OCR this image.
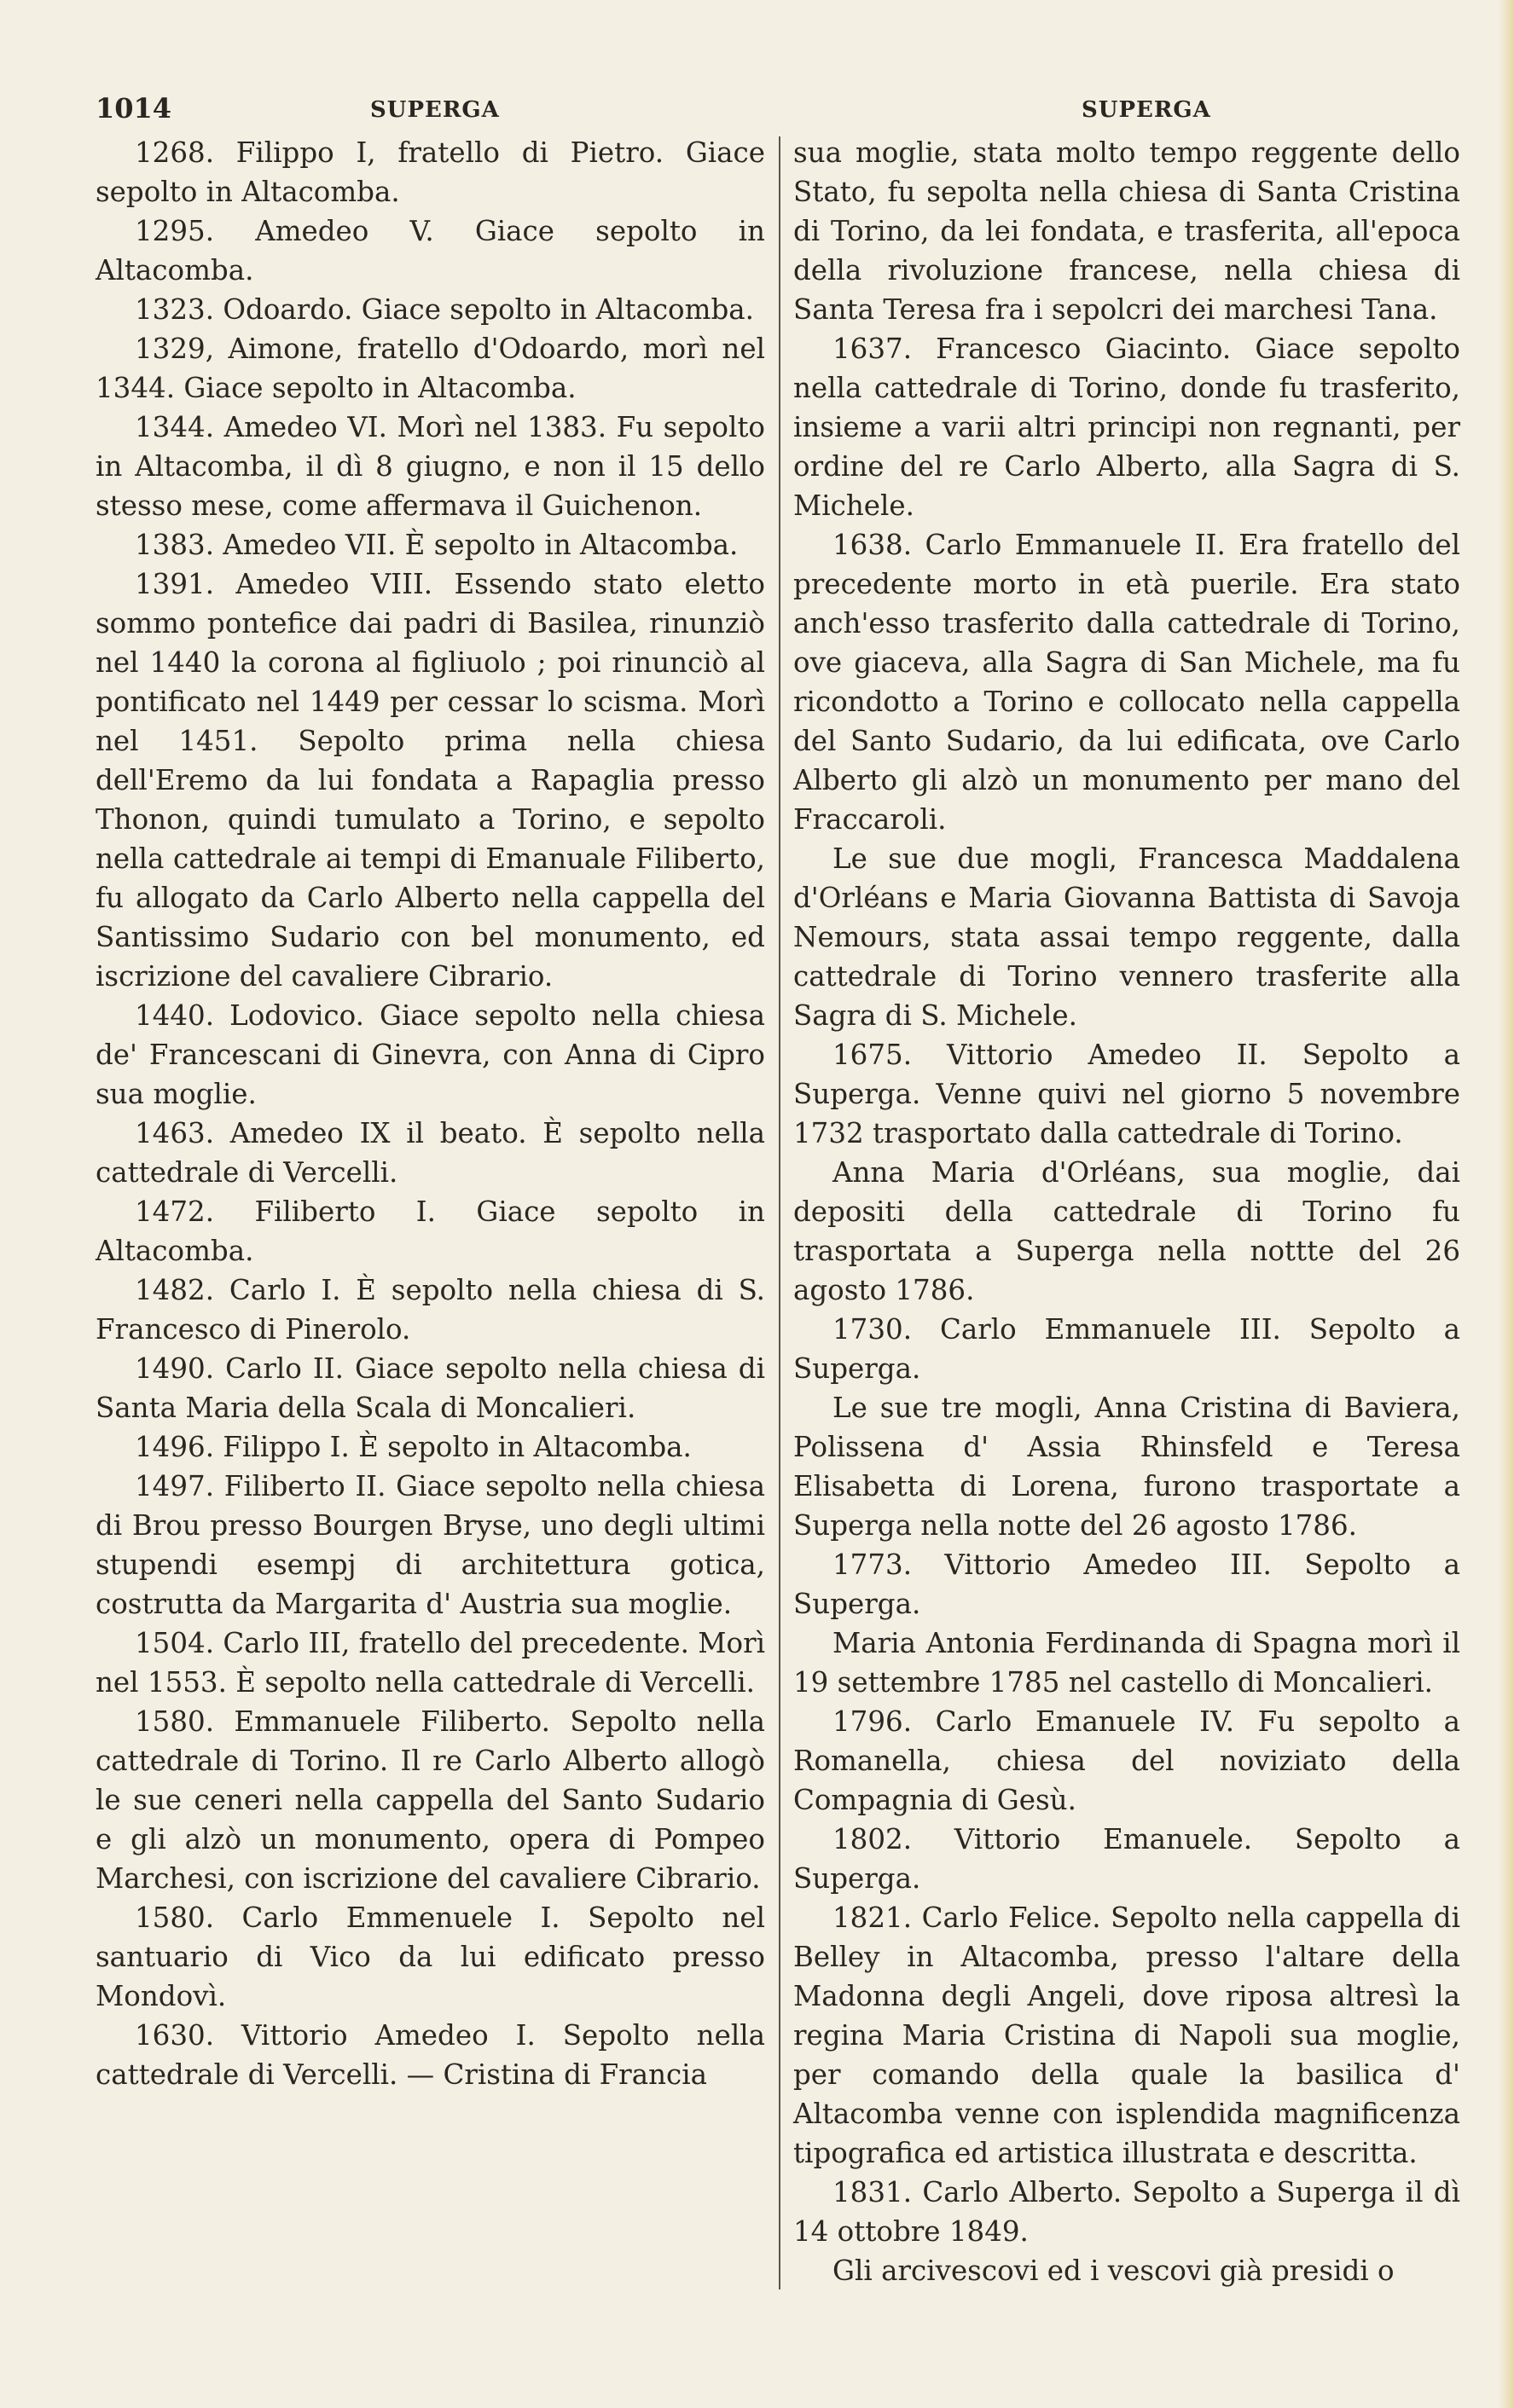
1014	SUPERGA	SUPERGA

1268. Filippo I, fratello di Pietro. Giace sepolto in Altacomba.

1295. Amedeo V. Giace sepolto in Altacomba.

1323. Odoardo. Giace sepolto in Altacomba.

1329, Aimone, fratello d'Odoardo, morì nel 1344. Giace sepolto in Altacomba.

1344. Amedeo VI. Morì nel 1383. Fu sepolto in Altacomba, il dì 8 giugno, e non il 15 dello stesso mese, come affermava il Guichenon.

1383. Amedeo VII. È sepolto in Altacomba.

1391. Amedeo VIII. Essendo stato eletto sommo pontefice dai padri di Basilea, rinunziò nel 1440 la corona al figliuolo ; poi rinunciò al pontificato nel 1449 per cessar lo scisma. Morì nel 1451. Sepolto prima nella chiesa dell'Eremo da lui fondata a Rapaglia presso Thonon, quindi tumulato a Torino, e sepolto nella cattedrale ai tempi di Emanuale Filiberto, fu allogato da Carlo Alberto nella cappella del Santissimo Sudario con bel monumento, ed iscrizione del cavaliere Cibrario.

1440. Lodovico. Giace sepolto nella chiesa de' Francescani di Ginevra, con Anna di Cipro sua moglie.

1463. Amedeo IX il beato. È sepolto nella cattedrale di Vercelli.

1472. Filiberto I. Giace sepolto in Altacomba.

1482. Carlo I. È sepolto nella chiesa di S. Francesco di Pinerolo.

1490. Carlo II. Giace sepolto nella chiesa di Santa Maria della Scala di Moncalieri.

1496. Filippo I. È sepolto in Altacomba.

1497. Filiberto II. Giace sepolto nella chiesa di Brou presso Bourgen Bryse, uno degli ultimi stupendi esempj di architettura gotica, costrutta da Margarita d' Austria sua moglie.

1504. Carlo III, fratello del precedente. Morì nel 1553. È sepolto nella cattedrale di Vercelli.

1580. Emmanuele Filiberto. Sepolto nella cattedrale di Torino. Il re Carlo Alberto allogò le sue ceneri nella cappella del Santo Sudario e gli alzò un monumento, opera di Pompeo Marchesi, con iscrizione del cavaliere Cibrario.

1580. Carlo Emmenuele I. Sepolto nel santuario di Vico da lui edificato presso Mondovì.

1630. Vittorio Amedeo I. Sepolto nella cattedrale di Vercelli. — Cristina di Francia

sua moglie, stata molto tempo reggente dello Stato, fu sepolta nella chiesa di Santa Cristina di Torino, da lei fondata, e trasferita, all'epoca della rivoluzione francese, nella chiesa di Santa Teresa fra i sepolcri dei marchesi Tana.

1637. Francesco Giacinto. Giace sepolto nella cattedrale di Torino, donde fu trasferito, insieme a varii altri principi non regnanti, per ordine del re Carlo Alberto, alla Sagra di S. Michele.

1638. Carlo Emmanuele II. Era fratello del precedente morto in età puerile. Era stato anch'esso trasferito dalla cattedrale di Torino, ove giaceva, alla Sagra di San Michele, ma fu ricondotto a Torino e collocato nella cappella del Santo Sudario, da lui edificata, ove Carlo Alberto gli alzò un monumento per mano del Fraccaroli.

Le sue due mogli, Francesca Maddalena d'Orléans e Maria Giovanna Battista di Savoja Nemours, stata assai tempo reggente, dalla cattedrale di Torino vennero trasferite alla Sagra di S. Michele.

1675. Vittorio Amedeo II. Sepolto a Superga. Venne quivi nel giorno 5 novembre 1732 trasportato dalla cattedrale di Torino.

Anna Maria d'Orléans, sua moglie, dai depositi della cattedrale di Torino fu trasportata a Superga nella nottte del 26 agosto 1786.

1730. Carlo Emmanuele III. Sepolto a Superga.

Le sue tre mogli, Anna Cristina di Baviera, Polissena d' Assia Rhinsfeld e Teresa Elisabetta di Lorena, furono trasportate a Superga nella notte del 26 agosto 1786.

1773. Vittorio Amedeo III. Sepolto a Superga.

Maria Antonia Ferdinanda di Spagna morì il 19 settembre 1785 nel castello di Moncalieri.

1796. Carlo Emanuele IV. Fu sepolto a Romanella, chiesa del noviziato della Compagnia di Gesù.

1802. Vittorio Emanuele. Sepolto a Superga.

1821. Carlo Felice. Sepolto nella cappella di Belley in Altacomba, presso l'altare della Madonna degli Angeli, dove riposa altresì la regina Maria Cristina di Napoli sua moglie, per comando della quale la basilica d' Altacomba venne con isplendida magnificenza tipografica ed artistica illustrata e descritta.

1831. Carlo Alberto. Sepolto a Superga il dì 14 ottobre 1849.

Gli arcivescovi ed i vescovi già presidi o
